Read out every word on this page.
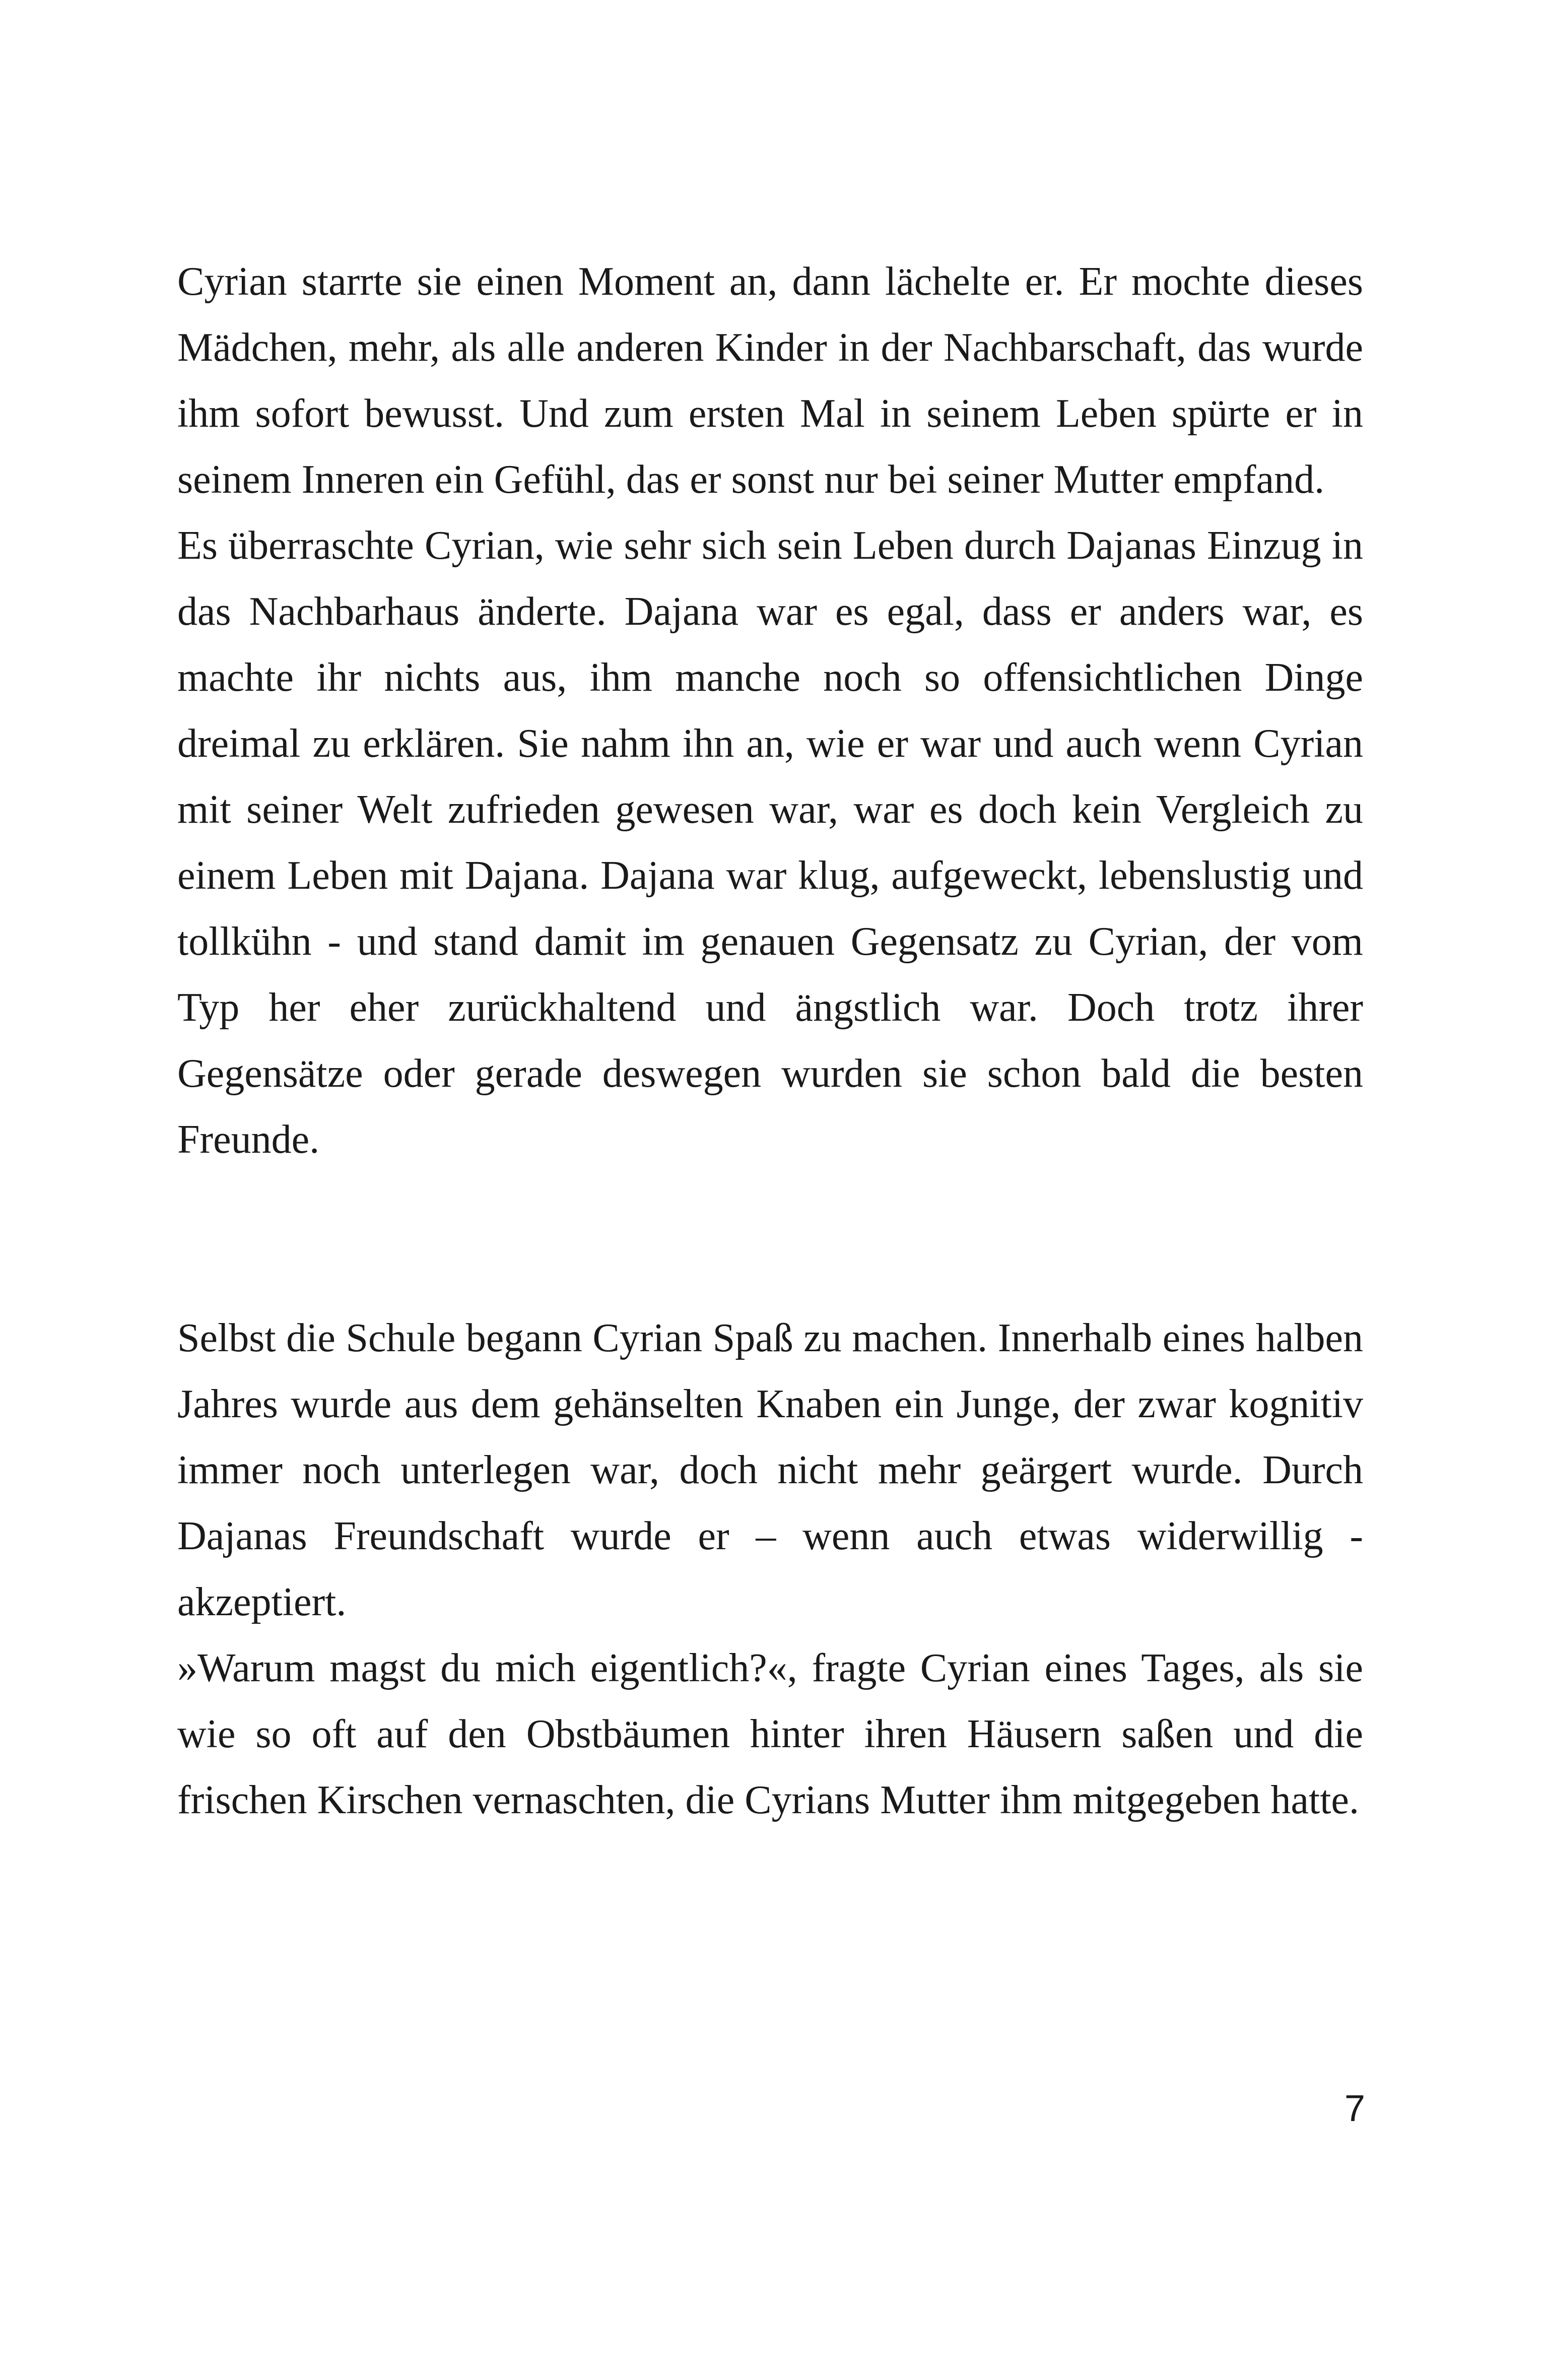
Cyrian starrte sie einen Moment an, dann lächelte er. Er mochte dieses Mädchen, mehr, als alle anderen Kinder in der Nachbarschaft, das wurde ihm sofort bewusst. Und zum ersten Mal in seinem Leben spürte er in seinem Inneren ein Gefühl, das er sonst nur bei seiner Mutter empfand.

Es überraschte Cyrian, wie sehr sich sein Leben durch Dajanas Einzug in das Nachbarhaus änderte. Dajana war es egal, dass er anders war, es machte ihr nichts aus, ihm manche noch so offensichtlichen Dinge dreimal zu erklären. Sie nahm ihn an, wie er war und auch wenn Cyrian mit seiner Welt zufrieden gewesen war, war es doch kein Vergleich zu einem Leben mit Dajana. Dajana war klug, aufgeweckt, lebenslustig und tollkühn - und stand damit im genauen Gegensatz zu Cyrian, der vom Typ her eher zurückhaltend und ängstlich war. Doch trotz ihrer Gegensätze oder gerade deswegen wurden sie schon bald die besten Freunde.

Selbst die Schule begann Cyrian Spaß zu machen. Innerhalb eines halben Jahres wurde aus dem gehänselten Knaben ein Junge, der zwar kognitiv immer noch unterlegen war, doch nicht mehr geärgert wurde. Durch Dajanas Freundschaft wurde er – wenn auch etwas widerwillig - akzeptiert.

»Warum magst du mich eigentlich?«, fragte Cyrian eines Tages, als sie wie so oft auf den Obstbäumen hinter ihren Häusern saßen und die frischen Kirschen vernaschten, die Cyrians Mutter ihm mitgegeben hatte.

7
